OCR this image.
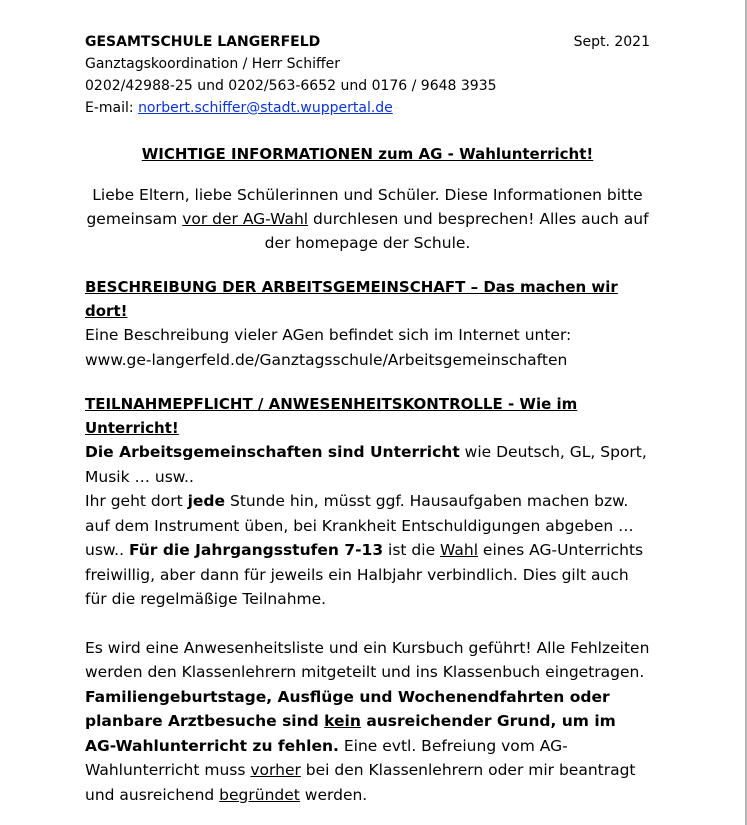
GESAMTSCHULE LANGERFELD	Sept. 2021
Ganztagskoordination / Herr Schiffer
0202/42988-25 und 0202/563-6652 und 0176 / 9648 3935
E-mail: norbert.schiffer@stadt.wuppertal.de
WICHTIGE INFORMATIONEN zum AG - Wahlunterricht!
Liebe Eltern, liebe Schülerinnen und Schüler. Diese Informationen bitte gemeinsam vor der AG-Wahl durchlesen und besprechen! Alles auch auf der homepage der Schule.
BESCHREIBUNG DER ARBEITSGEMEINSCHAFT – Das machen wir dort!
Eine Beschreibung vieler AGen befindet sich im Internet unter:
www.ge-langerfeld.de/Ganztagsschule/Arbeitsgemeinschaften
TEILNAHMEPFLICHT / ANWESENHEITSKONTROLLE - Wie im Unterricht!
Die Arbeitsgemeinschaften sind Unterricht wie Deutsch, GL, Sport, Musik … usw..
Ihr geht dort jede Stunde hin, müsst ggf. Hausaufgaben machen bzw. auf dem Instrument üben, bei Krankheit Entschuldigungen abgeben … usw.. Für die Jahrgangsstufen 7-13 ist die Wahl eines AG-Unterrichts freiwillig, aber dann für jeweils ein Halbjahr verbindlich. Dies gilt auch für die regelmäßige Teilnahme.
Es wird eine Anwesenheitsliste und ein Kursbuch geführt! Alle Fehlzeiten werden den Klassenlehrern mitgeteilt und ins Klassenbuch eingetragen. Familiengeburtstage, Ausflüge und Wochenendfahrten oder planbare Arztbesuche sind kein ausreichender Grund, um im AG-Wahlunterricht zu fehlen. Eine evtl. Befreiung vom AG-Wahlunterricht muss vorher bei den Klassenlehrern oder mir beantragt und ausreichend begründet werden.
